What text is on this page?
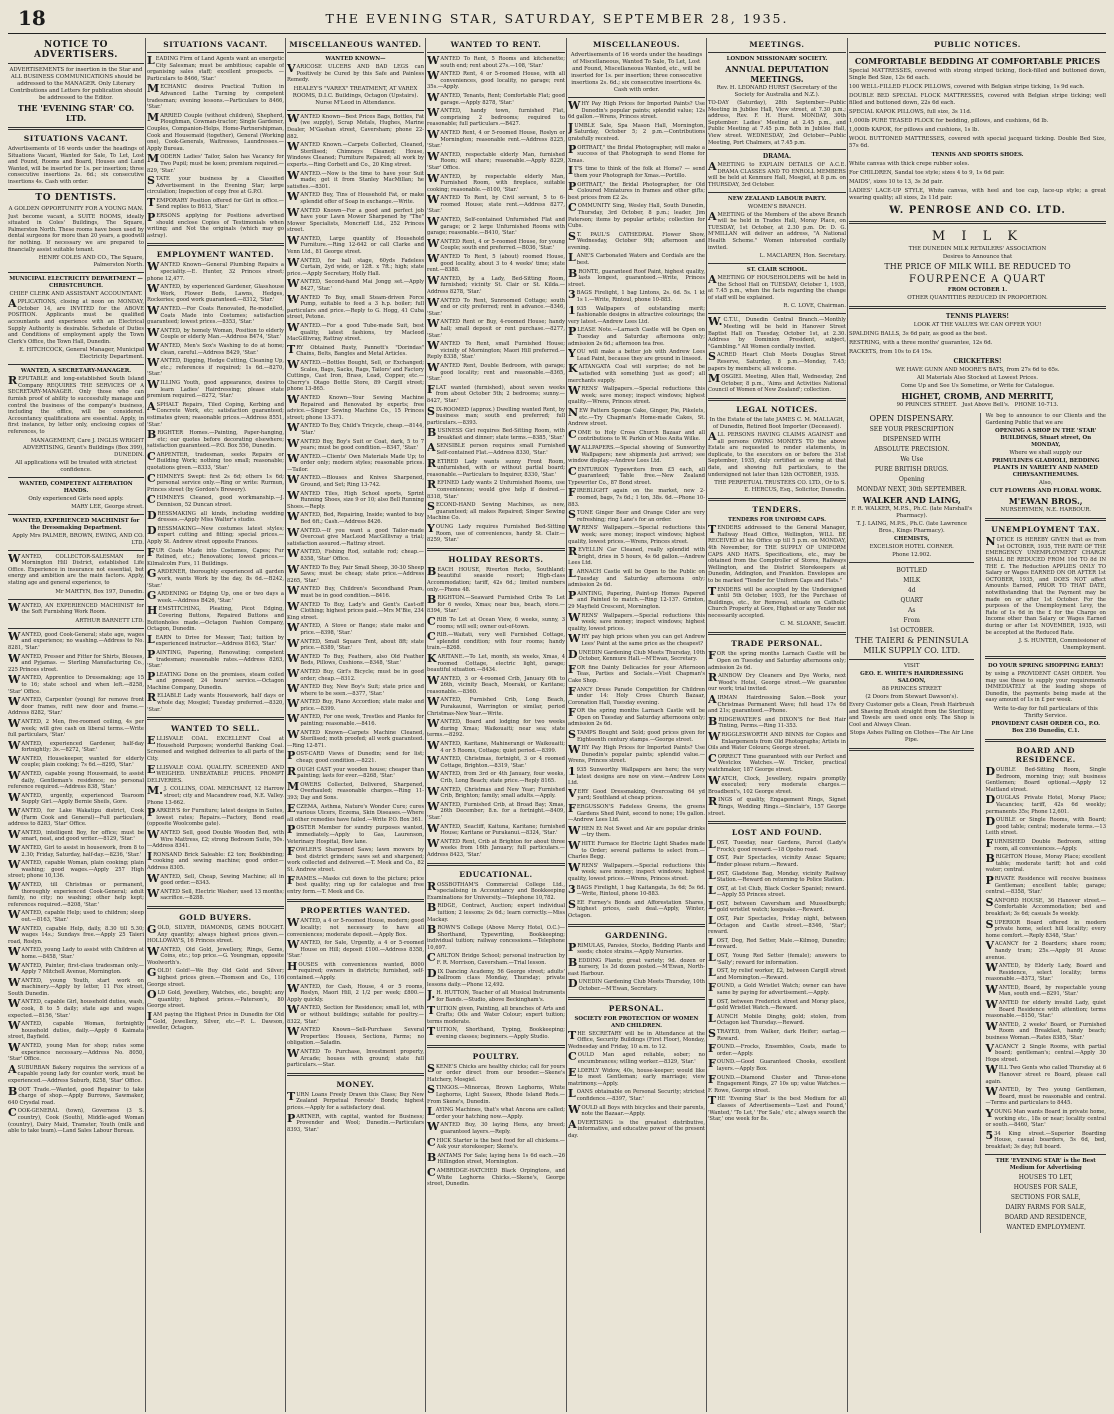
18	THE EVENING STAR, SATURDAY, SEPTEMBER 28, 1935.
NOTICE TO ADVERTISERS.
ADVERTISEMENTS for insertion in the Star and ALL BUSINESS COMMUNICATIONS should be addressed to the MANAGER. Only Literary Contributions and Letters for publication should be addressed to the Editor.
THE 'EVENING STAR' CO. LTD.
SITUATIONS VACANT.
Advertisements of 16 words under the headings of Situations Vacant, Wanted for Sale, To Let, Lost and Found, Rooms and Board, Houses and Land Wanted, will be inserted for 1s. per insertion; three consecutive insertions 2s. 6d.; six consecutive insertions 4s. Cash with order.
TO DENTISTS.
A GOLDEN OPPORTUNITY FOR A YOUNG MAN.
Just become vacant, a SUITE ROOMS, ideally situated in Coles' Buildings, The Square, Palmerston North. These rooms have been used by dental surgeons for more than 20 years, a goodwill for nothing. If necessary we are prepared to financially assist suitable tenant.
HENRY COLES AND CO., The Square, Palmerston North.
MUNICIPAL ELECTRICITY DEPARTMENT — CHRISTCHURCH.
CHIEF CLERK AND ASSISTANT ACCOUNTANT.
APPLICATIONS, closing at noon on MONDAY, October 14, are INVITED for the ABOVE POSITION. Applicants must be qualified accountants and experience with an Electrical Supply Authority is desirable. Schedule of Duties and Conditions of employment apply the Town Clerk's Office, the Town Hall, Dunedin.
E. HITCHCOCK, General Manager, Municipal Electricity Department.
WANTED, A SECRETARY-MANAGER.
REPUTABLE and long-established South Island Company REQUIRES THE SERVICES OF A SECRETARY-MANAGER. Only those who can furnish proof of ability to successfully manage and control the business of the company's business, including the office, will be considered. Accountancy qualifications are essential. Apply, in first instance, by letter only, enclosing copies of references, to
MANAGEMENT, Care J. INGLIS WRIGHT ADVERTISING, Grant's Buildings (Box 399), DUNEDIN.
All applications will be treated with strictest confidence.
WANTED, COMPETENT ALTERATION HANDS.
Only experienced Girls need apply.
MARY LEE, George street.
WANTED, EXPERIENCED MACHINIST for the Dressmaking Department.
Apply Mrs PALMER, BROWN, EWING, AND CO. LTD.
WANTED, COLLECTOR-SALESMAN for Mornington Hill District, established Life Office. Experience in insurance not essential, but energy and ambition are the main factors. Apply, stating age and general experience, to
Mr MARTYN, Box 197, Dunedin.
WANTED, AN EXPERIENCED MACHINIST for the Soft Furnishing Work Room.
ARTHUR BARNETT LTD.
WANTED, good Cook-General; state age, wages and experience; no washing.—Address to No. 8281, 'Star.'
WANTED, Presser and Fitter for Shirts, Blouses, and Pyjamas. — Sterling Manufacturing Co., 225 Princes street.
WANTED, Apprentice to Dressmaking; age 15 to 16; state school and when left.—8258, 'Star' Office.
WANTED, Carpenter (young) for remove front door frames, refit new door and frame.—Address 8282, 'Star.'
WANTED, 2 Men, five-roomed ceiling, 4s per week; will give cash on liberal terms.—Write full particulars, 'Star.'
WANTED, experienced Gardener, half-day fortnightly; 3s.—8272, 'Star.'
WANTED, Housekeeper, wanted for elderly couple; plain cooking; 7s 6d.—8295, 'Star.'
WANTED, capable young Housemaid, to assist daily, Gentleman's residence; no personal reference required.—Address 838, 'Star.'
WANTED, urgently, experienced Tearoom Supply Girl.—Apply Bernie Sheils, Gore.
WANTED, for Lake Wakatipu district, Cook (Farm Cook and General)—Full particulars, address to 8283, 'Star' Office.
WANTED, intelligent Boy, for office; must be smart, neat, and good writer.—8129, 'Star.'
WANTED, Girl to assist in housework, from 8 to 2.30; Friday, Saturday, half-day.—8236, 'Star.'
WANTED, capable Woman, plain cooking; plain washing; good wages.—Apply 257 High street; phone 10,136.
WANTED, till Christmas or permanent, thoroughly experienced Cook-General; adult family, no city; no washing; other help kept; references required.—8208, 'Star.'
WANTED, capable Help; used to children; sleep out.—8163, 'Star.'
WANTED, capable Help, daily, 8.30 till 5.30; wages 14s.; Sundays free.—Apply 25 Taieri road, Roslyn.
WANTED, young Lady to assist with Children at home.—8458, 'Star.'
WANTED, Painter, first-class tradesman only.—Apply 7 Mitchell Avenue, Mornington.
WANTED, young Youth, start work on machinery.—Apply by letter, 11 Fox street, South Dunedin.
WANTED, capable Girl, household duties, wash, cook, 8 to 5 daily; state age and wages expected.—8156, 'Star.'
WANTED, capable Woman, fortnightly household duties, daily.—Apply 6 Kaimata street, Bayfield.
WANTED, young Man for shop; rates some experience necessary.—Address No. 8050, 'Star' Office.
ASUBURBAN Bakery requires the services of a capable young lady for counter work, must be experienced.—Address Suburb, 8258, 'Star' Office.
BOOT Trade.—Wanted, good Repairer to take charge of shop.—Apply Burrows, Sawmaker, 640 Crysdal road.
COOK-GENERAL (town), Governess (3 S. country), Cook (South), Middle-aged Woman (country), Dairy Maid, Tramster, Youth (milk and able to take team).—Land Sales Labour Bureau.
SITUATIONS VACANT.
LEADING Firm of Land Agents want an energetic City Salesman; must be ambitious; capable of organising sales staff; excellent prospects. — Particulars to 8466, 'Star.'
MECHANIC desires Practical Tuition in Advanced Lathe Turning by competent tradesman; evening lessons.—Particulars to 8466, 'Star.'
MARRIED Couple (without children), Shepherd, Ploughman, Cowman-tractor; Single Gardener, Couples, Companion-Helps, Home-Partnershipman, Cook and Housemaid (together), General (Working one), Cook-Generals, Waitresses, Laundresses.—Apply Bureau.
MODERN Ladies' Tailor, Salon has Vacancy for Two Pupil; must be keen; premium required.—829, 'Star.'
STATE your business by a Classified Advertisement in the Evening Star; large circulation; Inspection of copy free at G.P.O.
TEMPORARY Position offered for Girl in office.—Send replies to B613, 'Star.'
PERSONS applying for Positions advertised should enclose Copies of Testimonials when writing; and Not the originals (which may go astray).
EMPLOYMENT WANTED.
WANTED Known—General Plumbing Repairs a speciality.—E. Hunter, 32 Princes street; phone 12,477.
WANTED, by experienced Gardener, Glasshouse Work, Flower Beds, Lawns, Hedges, Rockeries; good work guaranteed.—8312, 'Star.'
WANTED.—For Coats Renovated, Re-modelled, Coats Made into Costumes; satisfaction guaranteed; lowest prices.—8353, 'Star.'
WANTED, by homely Woman, Position to elderly Couple or elderly Man.—Address B474, 'Star.'
WANTED, Men's Sox's Washing to do at home; clean, careful.—Address B429, 'Star.'
WANTED, Digging, Hedge Cutting, Cleaning Up, etc.; references if required; 1s 6d.—8270, 'Star.'
WILLING Youth, good appearance, desires to learn Ladies' Hairdressing; please state premium required.—8272, 'Star.'
ASPHALT Repairs, Tiled Coping, Kerbing and Concrete Work, etc; satisfaction guaranteed; estimates given; reasonable prices.—Address 8551, 'Star.'
BRIGHTER Homes.—Painting, Paper-hanging, etc; our quotes before decorating elsewhere; satisfaction guaranteed.—P.O. Box 556, Dunedin.
CARPENTER, tradesman, seeks Repairs or Building Work; nothing too small; reasonable; quotations given.—8333, 'Star.'
CHIMNEYS Swept: first 2s 6d; others 1s 6d; personal service only.—Ring or write: Rurmun, Princes street (by Gordon's Brewery).
CHIMNEYS Cleaned, good workmanship.—J. Dennison, 52 Duncan street.
DRESSMAKING all kinds, including wedding dresses.—Apply Miss Walter's studio.
DRESSMAKING—New costumes latest styles; expert cutting and fitting; special prices.—Apply St. Andrew street opposite Frances.
FUR Coats Made into Costumes, Capes; Fur Relined, etc.; Renovations; lowest prices.—Kilmalcolm Furs, 11 Buildings.
GARDENER, thoroughly experienced all garden work, wants Work by the day, 8s 6d.—B242, 'Star.'
GARDENING or Edging Up, one or two days a week.—Address B426, 'Star.'
HEMSTITCHING, Pleating, Picot Edging, Covering Buttons, Repaired Buttons and Buttonholes made.—Octagon Fashion Company, Octagon, Dunedin.
LEARN to Drive for Messer, Taxi; tuition by experienced instructor.—Address 8163, 'Star.'
PAINTING, Papering, Renovating; competent tradesman; reasonable rates.—Address 8263, 'Star.'
PLEATING Done on the premises, steam coiled and pressed; 24 hours' service.—Octagon Machine Company, Dunedin.
RELIABLE Lady wants Housework, half days or whole day, Mosgiel; Tuesday preferred.—8320, 'Star.'
WANTED TO SELL.
ELLISVALE COAL. EXCELLENT Coal at Household Purposes; wonderful Banking Coal. Screened and weighed deliveries to all parts of the City.
ELLISVALE COAL QUALITY. SCREENED AND WEIGHED. UNBEATABLE PRICES. PROMPT DELIVERIES.
M.J. COLLINS, COAL MERCHANT, 12 Harrow street; city and Macandrew road, N.E. Valley. Phone 13-662.
PARKER'S for Furniture; latest designs in Suites, lowest rates; Repairs.—Factory, Bond road (opposite Woolcombe gate).
WANTED Sell, good Double Wooden Bed, with Wire Mattress, £2; strong Bedroom Suite, 50s.—Address 8341.
IRONSAND Brick Saleable: £2 ton; Bookbinding; cooking and sewing machine; good order.—Address 8305.
WANTED, Sell, Cheap, Sewing Machine; all in good order.—8343.
WANTED Sell, Electric Washer; used 13 months; sacrifice.—8288.
GOLD BUYERS.
GOLD, SILVER, DIAMONDS, GEMS BOUGHT. Any quantity; always highest prices given.—HOLLOWAY'S, 16 Princes street.
WANTED, Old Gold, Jewellery, Rings, Gems, Coins, etc.; top price.—G. Youngman, opposite Woolworth's.
GOLD! Gold!—We Buy Old Gold and Silver; highest prices given.—Thomson and Co., 116 George street.
OLD Gold, Jewellery, Watches, etc., bought; any quantity; highest prices.—Paterson's, 80 George street.
IAM paying the Highest Price in Dunedin for Old Gold, Jewellery, Silver, etc.—F. L. Dawson, jeweller, Octagon.
MISCELLANEOUS WANTED.
WANTED KNOWN—
VARICOSE ULCERS AND BAD LEGS can Positively be Cured by this Safe and Painless Remedy.
HEALEY'S "VAREX" TREATMENT, AT VAREX ROOMS, D.I.C. Buildings, Octagon (Upstairs). Nurse M'Leod in Attendance.
WANTED Known—Best Prices Bags, Bottles, Fat (we supply), Scrap Metals, Hughes, Marine Dealer, M'Gashan street, Caversham; phone 22-882.
WANTED Known.—Carpets Collected, Cleaned, Sterilised; Chimneys Cleaned; House, Windows Cleaned; Furniture Repaired; all work by experts.—Ring Corbett and Co., 20 King street.
WANTED.—Now is the time to have your Suit made; get it from Stanley MacMillan; he satisfies.—8301.
WANTED Buy, Tins of Household Fat, or make splendid offer of Soap in exchange.—Write.
WANTED Known—For a good and perfect job have your Lawn Mower Sharpened by "The" Mower Specialists, Moncrieff Ltd., 252 Princes street.
WANTED, Large quantity of Household Furniture.—Ring 12-642 or call Clarke and Venn Ltd., 81 George street.
WANTED, for hall stage, 60yds Fadeless Curtain, 2yd wide, or 12ft. x 7ft.; high; state price.—Apply Secretary, Holly Hall.
WANTED, Second-hand Mai Jongg set.—Apply 8427, 'Star.'
WANTED To Buy, small Steam-driven Force Pump, suitable to feed a 3 h.p. boiler; full particulars and price.—Reply to G. Hogg, 41 Cuba street, Petone.
WANTED.—For a good Tube-made Suit, best quality, latest fashions, try Macleod MacGillivray, Rattray street.
TRY Obtained Rusty, Pannett's "Dorindas" Chains, Belts, Bangles and Metal Articles.
WANTED.—Bottles Bought, Sell, or Exchanged; Scales, Bags, Sacks, Rags, Tailors' and Factory Cuttings, Cast Iron, Brass, Lead, Copper, etc.—Cherry's Otago Bottle Store, 89 Cargill street; phone 13-865.
WANTED Known—Your Sewing Machine Repaired and Renovated by experts; free advice.—Singer Sewing Machine Co., 15 Princes street; phone 13-371.
WANTED To Buy, Child's Tricycle, cheap.—8144, 'Star.'
WANTED Buy, Boy's Suit or Coat, dark, 5 to 7 years; must be good condition.—8347, 'Star.'
WANTED.—Clients' Own Materials Made Up; to order only; modern styles; reasonable prices.—Tailor.
WANTED.—Blouses and Knives Sharpened, Ground, and Set; Ring 13-742.
WANTED Tiles, High School sports, Sprint Running Shoes, size 9 or 10; also Bell Running Shoes.—Reply.
WANTED, Bed, Repairing, Inside; wanted to buy Bed 6ft.; Cash.—Address 8426.
WANTED.—If you want a good Tailor-made Overcoat give MacLeod MacGillivray a trial; satisfaction assured.—Rattray street.
WANTED, Fishing Rod, suitable rod; cheap.—8358, 'Star' Office.
WANTED To Buy, Pair Small Sheep, 30-30 Sheep Saws; must be cheap; state price.—Address 8265, 'Star.'
WANTED Buy, Children's Secondhand Pram, must be in good condition.—8416.
WANTED To Buy, Lady's and Gent's Cast-off Clothing; highest prices paid.—Mrs M'Bie, 234 King street.
WANTED, A Stove or Range; state make and price.—8398, 'Star.'
WANTED, Small Square Tent, about 8ft; state price.—8389, 'Star.'
WANTED To Buy, Feathers, also Old Feather Beds, Pillows, Cushions.—8348, 'Star.'
WANTED Buy, Girl's Bicycle; must be in good order; cheap.—8312.
WANTED Buy, New Boy's Suit; state price and where to be seen.—8377, 'Star.'
WANTED Buy, Piano Accordion; state make and price.—8399.
WANTED, For one week, Trestles and Planks for painting; reasonable.—8416.
WANTED Known—Carpets Machine Cleaned, Sterilised; moth proofed; all work guaranteed.—Ring 12-871.
POST-CARD Views of Dunedin; send for list; cheap; good condition.—8221.
ROUGH CAST your wooden house; cheaper than painting; lasts for ever.—8268, 'Star.'
MOWERS Collected, Delivered, Sharpened, Overhauled; reasonable charges.—Ring 11-393; Day and Sons.
ECZEMA, Asthma, Nature's Wonder Cure; cures various Ulcers, Eczema, Skin Diseases.—Where all other remedies have failed.—Write P.O. Box 361.
POSTER Member for sundry purposes wanted, immediately.—Apply to Gas, Laurenson, Veterinary Hospital, Bow lane.
FOWLER'S Sharpened Saws; lawn mowers by best district grinders; saws set and sharpened; work collected and delivered.—T. Meek and Co., 82 St. Andrew street.
FRAMES.—Masks cut down to the picture; price best quality; ring up for catalogue and free entry form.—T. Meek and Co.
PROPERTIES WANTED.
WANTED, a 4 or 5-roomed House, modern; good locality; not necessary to have all conveniences; moderate deposit.—Apply Box.
WANTED, for Sale, Urgently, a 4 or 5-roomed House on Hill; deposit £100.—Address 8358, 'Star.'
HOUSES with conveniences wanted, 8000 required; owners in districts; furnished, self-contained.—Apply.
WANTED, for Cash, House, 4 or 5 rooms, Roslyn, Maori Hill, 2 1/2 per week; £800.—Apply quickly.
WANTED, Section for Residence; small lot, with or without buildings; suitable for poultry.—8322, 'Star.'
WANTED Known—Sell-Purchase Several Properties: Houses, Sections, Farms; no obligation.—Saladin.
WANTED To Purchase, Investment property, Arcade; houses with ground; state full particulars.—Star.
MONEY.
TURN Loans Freely Drawn this Class; Buy New Zealand Perpetual Forests' Bonds; highest prices.—Apply for a satisfactory deal.
PARTNER, with capital, wanted for Business; Provender and Wool; Dunedin.—Particulars 8393, 'Star.'
WANTED TO RENT.
WANTED To Rent, 5 Rooms and kitchenette; south end; rent about 27s.—108, 'Star.'
WANTED Rent, 4 or 5-roomed House, with all conveniences, good locality, no garage; rent 35s.—Apply.
WANTED, Tenants, Rent; Comfortable Flat; good garage.—Apply 8278, 'Star.'
WANTED, handy town, furnished Flat, comprising 2 bedrooms; required to reasonable; full particulars.—B427.
WANTED Rent, 4 or 5-roomed House, Roslyn or Mornington; reasonable rent.—Address 8225, 'Star.'
WANTED, respectable elderly Man, furnished Room; will share; reasonable.—Apply 8229, 'Star' Office.
WANTED, by respectable elderly Man, Furnished Room, with fireplace, suitable cooking; reasonable.—8100, 'Star.'
WANTED To Rent, by Civil servant, 5 to 6-roomed House; state rent.—Address 8277, 'Star.'
WANTED, Self-contained Unfurnished Flat and garage; or 2 large Unfurnished Rooms with garage; reasonable.—B410, 'Star.'
WANTED Rent, 4 or 5-roomed House, for young Couple; south end preferred.—B036, 'Star.'
WANTED To Rent, 5 (about) roomed House, good locality, about 3 to 4 weeks' time; state rent.—8388.
WANTED, by a Lady, Bed-Sitting Room, furnished; vicinity St. Clair or St. Kilda.—Address 8278, 'Star.'
WANTED To Rent, Sunroomed Cottage; south end or city preferred; rent in advance.—8346, 'Star.'
WANTED Rent or Buy, 4-roomed House; handy hall; small deposit or rent purchase.—8277, 'Star.'
WANTED To Rent, small Furnished House; vicinity of Mornington; Maori Hill preferred.—Reply 8338, 'Star.'
WANTED Rent, Double Bedroom, with garage; good locality; rent and reasonable.—8365, 'Star.'
FLAT wanted (furnished), about seven weeks from about October 5th; 2 bedrooms; sunny.—8427, 'Star.'
SIX-ROOMED (approx.) Dwelling wanted Rent, by business man; south end preferred; full particulars.—8393.
BUSINESS Girl requires Bed-Sitting Room, with breakfast and dinner; state terms.—8385, 'Star.'
ASENSIBLE person requires small Furnished Self-contained Flat.—Address 8330, 'Star.'
RETIRED Lady wants sunny Front Room, unfurnished, with or without partial board; reasonable.—Particulars to Inquirer, 8330, 'Star.'
REFINED Lady wants 2 Unfurnished Rooms, use conveniences; would give help if desired.—8318, 'Star.'
SECOND-HAND Sewing Machines, as new, guaranteed; all makes Repaired; Singer Sewing Machine Co.
YOUNG Lady requires Furnished Bed-Sitting Room, use of conveniences, handy St. Clair.—8259, 'Star.'
HOLIDAY RESORTS.
BEACH HOUSE, Riverton Rocks, Southland; beautiful seaside resort; High-class Accommodation; tariff, 42s 6d.; limited numbers only.—Phone 48.
BRIGHTON.—Seaward Furnished Cribs To Let for 6 weeks, Xmas; near bus, beach, store.—8394, 'Star.'
CRIB To Let at Ocean View, 6 weeks, sunny, 3 rooms; will sell; owner out-of-town.
CRIB.—Waitati, very well Furnished Cottage, splendid condition; with four rooms; handy train.—8268.
KARITANE.—To Let, month, six weeks, Xmas, 4 roomed Cottage, electric light, garage; beautiful situation.—8434.
WANTED, 3 or 4-roomed Crib, January 6th to 26th, vicinity Beach, Moeraki, or Karitane; reasonable.—8360.
WANTED, Furnished Crib, Long Beach, Purakaunui, Warrington or similar, period Christmas-New Year.—Write.
WANTED, Board and lodging for two weeks during Xmas; Waikouaiti; near sea; state terms.—8292.
WANTED, Karitane, Mahinerangi or Waikouaiti; 4 or 5 Rooms, Cottage; quiet period.—8399.
WANTED, Christmas, fortnight, 3 or 4 roomed Cottage, Brighton.—8319, 'Star.'
WANTED, from 3rd or 4th January, four weeks, Crib, Long Beach; state price.—Reply 8165.
WANTED, Christmas and New Year; Furnished Crib, Brighton; family; small adults.—Apply.
WANTED, Furnished Crib, at Broad Bay; Xmas, 26th December; 8.n. for a fortnight.—8409, 'Star.'
WANTED, Seacliff, Kaituna, Karitane; furnished House; Karitane or Purakanui.—8324, 'Star.'
WANTED Rent, Crib at Brighton for about three weeks from 16th January; full particulars.—Address 8423, 'Star.'
EDUCATIONAL.
ROSSBOTHAM'S Commercial College Ltd., specialising in Accountancy and Bookkeeping Examinations for University.—Telephone 10,782.
BRIDGE, Contract, Auction; expert individual tuition; 2 lessons; 2s 6d.; learn correctly.—Miss Mackay.
BROWN'S College (Above Mercy Hotel, O.C.)—Shorthand, Typewriting, Bookkeeping; individual tuition; railway concessions.—Telephone 10,697.
CARLTON Bridge School; personal instruction by F. R. Morrison, Caversham.—Trial lesson.
DIX Dancing Academy, 56 George street; adults' ballroom class Monday, Thursday; private lessons daily.—Phone 12,492.
J.H. HUTTON, Teacher of all Musical Instruments for Bands.—Studio, above Beckingham's.
TUITION given, Painting, all branches of Arts and Crafts; Oils and Water Colour; expert tuition; terms moderate.
TUITION, Shorthand, Typing, Bookkeeping; evening classes; beginners.—Apply Studio.
POULTRY.
SKENE'S Chicks are healthy chicks; call for yours or order direct from our brooder.—Skene's Hatchery, Mosgiel.
STINGOS.—Minorcas, Brown Leghorns, White Leghorns, Light Sussex, Rhode Island Reds.—From Skene's, Dunedin.
LAYING Machines, that's what Ancona are called; order your hatching now.—Apply.
WANTED Buy, 30 laying Hens, any breed; guaranteed layers.—Reply.
CHICK Starter is the best food for all chickens.—Ask your storekeeper; Skene's.
BANTAMS For Sale; laying hens 1s 6d each.—26 Hillingdon street, Mornington.
CAMBRIDGE-HATCHED Black Orpingtons, and White Leghorns Chicks.—Skene's, George street, Dunedin.
MISCELLANEOUS.
Advertisements of 16 words under the headings of Miscellaneous, Wanted To Sale, To Let, Lost and Found, Miscellaneous Wanted, etc., will be inserted for 1s. per insertion; three consecutive insertions 2s. 6d.; six consecutive insertions 4s. Cash with order.
WHY Pay High Prices for Imported Paints? Use Dunedin's popular paints; splendid value; 12s 6d gallon.—Wrens, Princes street.
JUMBLE Sale, Spa Mason Hall, Mornington, Saturday, October 5; 2 p.m.—Contributions gratefully received.
PORTRAIT," the Bridal Photographer, will make a success of that Photograph to send Home for Xmas.
IT'S time to think of the folk at Home? — send them your Photograph for Xmas.—Portillo.
PORTRAIT," the Bridal Photographer, for Old Coloured Miniatures in frames and other gifts; best prices from £2 2s.
COMMUNITY Sing, Wesley Hall, South Dunedin, Thursday, 3rd October, 8 p.m.; leader, Jim Paterson; items by popular artists; collection for Cubs.
ST. PAUL'S CATHEDRAL Flower Show, Wednesday, October 9th; afternoon and evening.
LANE'S Carbonated Waters and Cordials are the best.
BRONTE, guaranteed Roof Paint, highest quality, lasts longest, guaranteed.—Write, Princes street.
3BAGS Firelight, 1 bag Lintons, 2s. 6d. 5s. 1 kt 1s 1.—Write, Rintoul, phone 10-883.
1935 Wallpapers of outstanding merit; fashionable designs in attractive colourings; the very latest.—Andrew Lees Ltd.
PLEASE Note.—Larnach Castle will be Open on Tuesday and Saturday afternoons only; admission 2s 6d.; afternoon tea free.
YOU will make a better job with Andrew Lees Lead Paint, because they are ground in linseed.
KAITANGATA Coal will surprise; do not be satisfied with something 'just as good'; all merchants supply.
WRENS' Wallpapers.—Special reductions this week; save money; inspect windows; highest quality.—Wrens, Princes street.
NEW Pattern Sponge Cake, Ginger, Pie, Pikelets, etc.—Try Chapman's Home-made Cakes, St. Andrew street.
COME to Holy Cross Church Bazaar and all contributions to W. Parkin of Miss Anita Wilke.
WALLPAPERS.—Special showing of Sunworthy Wallpapers; new shipments just arrived; see window display.—Andrew Lees Ltd.
CENTURION Typewriters from £5 each, all guaranteed; Table free.—New Zealand Typewriter Co., 87 Bond street.
FIREBLIGHT again on the market, new 2-roomed, bags, 7s 6d.; 1 ton, 38s. 6d.—Phone 10-883.
STONE Ginger Beer and Orange Cider are very refreshing; ring Lane's for an order.
WRENS' Wallpapers.—Special reductions this week; save money; inspect windows; highest quality, lowest prices.—Wrens, Princes street.
REVELLIN Car Cleaned, really splendid with bright, dries in 5 hours, 4s 6d gallon.—Andrew Lees Ltd.
LARNACH Castle will be Open to the Public on Tuesday and Saturday afternoons only; admission 2s 6d.
PAINTING, Papering, Paint-up Homes Papered and Painted to match.—Ring 12-137. Grinton, 29 Mayfield Crescent, Mornington.
WRENS' Wallpapers.—Special reductions this week; save money; inspect windows; highest quality, lowest prices.
WHY pay high prices when you can get Andrew Lees' Paint at the same price as the cheapest?
DUNEDIN Gardening Club Meets Thursday, 10th October, Kenmure Hall.—M'Ewan, Secretary.
FOR fine Dainty Delicacies for your Afternoon Teas, Parties and Socials.—Visit Chapman's Cake Shop.
FANCY Dress Parade Competition for Children under 14: Holy Cross Church Bazaar, Coronation Hall, Tuesday evening.
FOR the spring months Larnach Castle will be Open on Tuesday and Saturday afternoons only; admission 2s 6d.
STAMPS Bought and Sold; good prices given for Eighteenth century stamps.—George street.
WHY Pay High Prices for Imported Paints? Use Dunedin's popular paints; splendid value.—Wrens, Princes street.
1935 Sunworthy Wallpapers are here; the very latest designs are now on view.—Andrew Lees Ltd.
VERY Good Dressmaking, Overcoating 64 yd yard; Southland at cheap prices.
FERGUSSON'S Fadeless Greens, the greens Gardens Shed Paint, second to none; 19s gallon.—Andrew Lees Ltd.
WHEN Et Not Sweet and Air are popular drinks—try them.
WHITE Furnace for Electric Light Shades made to Order; several patterns to select from.—Charles Begg.
WRENS' Wallpapers.—Special reductions this week; save money; inspect windows; highest quality, lowest prices.—Wrens, Princes street.
3BAGS Firelight, 1 bag Kaitangata, 3s 6d; 5s 6d.—Write, Rintoul, phone 10-883.
SEE Furney's Bonds and Afforestation Shares, highest prices, cash deal.—Apply, Winter, Octagon.
GARDENING.
PRIMULAS, Pansies, Stocks, Bedding Plants and seeds; choice strains.—Apply Nurseries.
BEDDING Plants; great variety; 9d. dozen or nursery, 1s 3d dozen posted.—M'Ewan, North-east Harbour.
DUNEDIN Gardening Club Meets Thursday, 10th October.—M'Ewan, Secretary.
PERSONAL.
SOCIETY FOR PROTECTION OF WOMEN AND CHILDREN.
THE SECRETARY will be in Attendance at the Office, Security Buildings (First Floor), Monday, Wednesday and Friday, 10 a.m. to 12.
COULD Man aged reliable, sober; no encumbrances; willing worker.—8329, 'Star.'
ELDERLY Widow, 40s, house-keeper; would like to meet Gentleman; early marriage; view matrimony.—Apply.
LOANS obtainable on Personal Security; strictest confidence.—8397, 'Star.'
WOULD all Boys with bicycles and their parents, note the Bazaar.—Apply.
ADVERTISING is the greatest distributive, informative, and educative power of the present day.
MEETINGS.
LONDON MISSIONARY SOCIETY.
ANNUAL DEPUTATION MEETINGS.
Rev. H. LEONARD HURST (Secretary of the Society for Australia and N.Z.).
TO-DAY (Saturday), 28th September—Public Meeting in Jubilee Hall, View street, at 7.30 p.m.; address, Rev. F. H. Hurst. MONDAY, 30th September: Ladies' Meeting at 2.45 p.m., and Public Meeting at 7.45 p.m. Both in Jubilee Hall, View street. WEDNESDAY, 2nd October—Public Meeting, Port Chalmers, at 7.45 p.m.
DRAMA.
AMEETING to EXPLAIN DETAILS OF A.C.E. DRAMA CLASSES AND TO ENROLL MEMBERS will be held at Kenmure Hall, Mosgiel, at 8 p.m. on THURSDAY, 3rd October.
NEW ZEALAND LABOUR PARTY.
WOMEN'S BRANCH.
AMEETING of the Members of the above Branch will be held in Trades Hall, Moray Place, on TUESDAY, 1st October, at 2.30 p.m. Dr. D. G. M'MILLAN will deliver an address, "A National Health Scheme." Women interested cordially invited.
L. MACLAREN, Hon. Secretary.
ST. CLAIR SCHOOL.
AMEETING OF HOUSEHOLDERS will be held in the School Hall on TUESDAY, October 1, 1935, at 7.45 p.m., when the facts regarding the change of staff will be explained.
R. C. LOVE, Chairman.
W.C.T.U., Dunedin Central Branch.—Monthly Meeting will be held in Hanover Street Baptist Hall on Tuesday, October 1st, at 2.30. Address by Dominion President, subject, "Gambling." All Women cordially invited.
SACRED Heart Club Meets Douglas Street Reserve, Saturday, 8 p.m.—Monday, 7.45; papers by members; all welcome.
MOSGIEL Meeting, Allen Hall, Wednesday, 2nd October, 8 p.m., 'Aims and Activities National Council of Women of New Zealand'; collection.
LEGAL NOTICES.
In the Estate of the late JAMES C. M. MALLAGH, of Dunedin, Retired Boot Importer (Deceased).
ALL PERSONS HAVING CLAIMS AGAINST and all persons OWING MONEYS TO the above Estate are requested to render statements, in duplicate, to the executors on or before the 31st September, 1935, duly certified as owing at that date, and showing full particulars, to the undersigned not later than 12th OCTOBER, 1935.
THE PERPETUAL TRUSTEES CO. LTD., Or to S. E. HERCUS, Esq., Solicitor, Dunedin.
TENDERS.
TENDERS FOR UNIFORM CAPS.
TENDERS addressed to the General Manager, Railway Head Office, Wellington, WILL BE RECEIVED at his Office up till 5 p.m. on MONDAY, 4th November, for THE SUPPLY OF UNIFORM CAPS AND HATS. Specifications, etc., may be obtained from the Comptroller of Stores, Railways Wellington, and the District Storekeepers at Dunedin, Addington, and Frankton. Envelopes are to be marked "Tender for Uniform Caps and Hats."
TENDERS will be accepted by the Undersigned until 5th October, 1935, for the Purchase of Buildings, etc., for Removal, situate on Catholic Church Property at Gore, Highest or any Tender not necessarily accepted.
C. M. SLOANE, Seacliff.
TRADE PERSONAL.
FOR the spring months Larnach Castle will be Open on Tuesday and Saturday afternoons only; admission 2s 6d.
RAINBOW Dry Cleaners and Dye Works, next Wood's Hotel, George street.—We guarantee our work; trial invited.
AIRMAN Hairdressing Salon.—Book your Christmas Permanent Wave; full head 17s 6d and 21s; guaranteed.—Phone.
BRIDGEWATER'S and DIXON'S for Best Hair Tinting, Perms.—Ring 11-353.
WRIGGLESWORTH AND BINNS for Copies and Enlargements from Old Photographs; Artists in Oils and Water Colours; George street.
CORRECT Time guaranteed with our Perfect and Westclox Watches.—W. Tricker, practical watchmaker, 187 George street.
WATCH, Clock, Jewellery, repairs promptly executed; very moderate charges.—Broadbent's, 102 George street.
RINGS of quality, Engagement Rings, Signet Rings, Wedding Rings.—Sinclair's, 157 George street.
LOST AND FOUND.
LOST, Tuesday, near Gardens, Parcel (Lady's Frock); good reward.—18 Opoho road.
LOST, Pair Spectacles, vicinity Anzac Square; finder please return.—Reward.
LOST, Gladstone Bag, Monday, vicinity Railway Station.—Reward on returning to Police Station.
LOST, at 1st Club, Black Cocker Spaniel; reward.—Apply 55 Princes street.
LOST, between Caversham and Musselburgh; gold wristlet watch; keepsake.—Reward.
LOST, Pair Spectacles, Friday night, between Octagon and Castle street.—8346, 'Star'; reward.
LOST, Dog, Red Setter, Male.—Kilmog, Dunedin; reward.
LOST, Young Red Setter (female); answers to 'Sally'; reward for information.
LOST, by relief worker, £2, between Cargill street and Mornington.—Reward.
FOUND, a Gold Wristlet Watch; owner can have same by paying for advertisement.—Apply.
LOST, between Frederick street and Moray place, gold Wristlet Watch.—Reward.
LAUNCH Mobile Dinghy, gold; stolen, from Octagon last Thursday.—Reward.
STRAYED, from Walker, dark Heifer; eartag.—Reward.
FOUND.—Frocks, Ensembles, Coats, made to order.—Apply.
FOUND.—Good Guaranteed Chooks, excellent layers.—Apply Box.
FOUND.—Diamond Cluster and Three-stone Engagement Rings, 27 10s up; value Watches.—F. Rowe, George street.
THE 'Evening Star' is the best Medium for all classes of Advertisements—'Lost and Found,' 'Wanted,' 'To Let,' 'For Sale,' etc.; always search the 'Star,' one week for 8s.
PUBLIC NOTICES.
COMFORTABLE BEDDING AT COMFORTABLE PRICES
Special MATTRESSES, covered with strong striped ticking, flock-filled and buttoned down, Single Bed Size, 12s 6d each.
100 WELL-FILLED FLOCK PILLOWS, covered with Belgian stripe ticking, 1s 9d each.
DOUBLE BED SPECIAL FLOCK MATTRESSES, covered with Belgian stripe ticking; well filled and buttoned down, 22s 6d each.
SPECIAL KAPOK PILLOWS, full size, 3s 11d.
1,000lb PURE TEASED FLOCK for bedding, pillows, and cushions, 6d lb.
1,000lb KAPOK, for pillows and cushions, 1s lb.
WOOL BUTTONED MATTRESSES, covered with special jacquard ticking. Double Bed Size, 57s 6d.
TENNIS AND SPORTS SHOES.
White canvas with thick crepe rubber soles.
For CHILDREN, Sandal toe style; sizes 4 to 9, 1s 6d pair.
MAIDS', sizes 10 to 13, 3s 3d pair.
LADIES' LACE-UP STYLE, White canvas, with heel and toe cap, lace-up style; a great wearing quality; all sizes, 2s 11d pair.
W. PENROSE AND CO. LTD.
M I L K
THE DUNEDIN MILK RETAILERS' ASSOCIATION
Desires to Announce that
THE PRICE OF MILK WILL BE REDUCED TO
FOURPENCE A QUART
FROM OCTOBER 1.
OTHER QUANTITIES REDUCED IN PROPORTION.
TENNIS PLAYERS!
LOOK AT THE VALUES WE CAN OFFER YOU!
SPALDING BALLS, 3s 6d pair, as good as the best.
RESTRING, with a three months' guarantee, 12s 6d.
RACKETS, from 10s to £4 15s.
CRICKETERS!
WE HAVE GUNN AND MOORE'S BATS, from 27s 6d to 65s.
All Materials Also Stocked at Lowest Prices.
Come Up and See Us Sometime, or Write for Catalogue.
HIGHET, CROMB, AND MERRITT,
90 PRINCES STREET. Just Above Bell's. PHONE 10-713.
OPEN DISPENSARY.
SEE YOUR PRESCRIPTION
DISPENSED WITH
ABSOLUTE PRECISION.
We Use
PURE BRITISH DRUGS.
Opening
MONDAY NEXT, 30th SEPTEMBER.
WALKER AND LAING,
F. R. WALKER, M.P.S., Ph.C. (late Marshall's Pharmacy).
T. J. LAING, M.P.S., Ph.C. (late Lawrence Bros., Kings Pharmacy).
CHEMISTS,
EXCELSIOR HOTEL CORNER.
Phone 12.902.
BOTTLED
MILK
4d
QUART
As
From
1st OCTOBER.
THE TAIERI & PENINSULA MILK SUPPLY CO. LTD.
VISIT
GEO. E. WHITE'S HAIRDRESSING SALOON,
88 PRINCES STREET
(2 Doors from Stewart Dawson's).
Every Customer gets a Clean, Fresh Hairbrush and Shaving Brush straight from the Sterilizer, and Towels are used once only. The Shop is Cool and Always Clean.
Stops Ashes Falling on Clothes—The Air Line Pipe.
We beg to announce to our Clients and the Gardening Public that we are
OPENING A SHOP IN THE 'STAR' BUILDINGS, Stuart street, On MONDAY,
Where we shall supply our
PRIMULINES GLADIOLI, BEDDING PLANTS IN VARIETY AND NAMED CHRYSANTHEMUMS.
Also,
CUT FLOWERS AND FLORAL WORK.
M'EWAN BROS.,
NURSERYMEN, N.E. HARBOUR.
UNEMPLOYMENT TAX.
NOTICE IS HEREBY GIVEN that as from 1st OCTOBER, 1935, THE RATE OF THE EMERGENCY UNEMPLOYMENT CHARGE SHALL BE REDUCED FROM 10d TO 8d IN THE £. The Reduction APPLIES ONLY TO Salary or Wages EARNED ON OR AFTER 1st OCTOBER, 1935, and DOES NOT affect Amounts Earned, PRIOR TO THAT DATE, notwithstanding that the Payment may be made on or after 1st October. For the purposes of the Unemployment Levy, the Rate of 1s 6d in the £ for the Charge on Income other than Salary or Wages Earned during or after 1st NOVEMBER, 1935, will be accepted at the Reduced Rate.
J. S. HUNTER, Commissioner of Unemployment.
DO YOUR SPRING SHOPPING EARLY!
by using a PROVIDENT CASH ORDER. You may use these to supply your requirements IMMEDIATELY at the leading shops of Dunedin, the payments being made at the easy amount of 1s in £ per week.
Write to-day for full particulars of this Thrifty Service.
PROVIDENT CASH ORDER CO., P.O. Box 236 Dunedin, C.1.
BOARD AND RESIDENCE.
DOUBLE Bed-Sitting Room, Single Bedroom, morning tray; suit business Gentlemen; Board optional.—Apply 12 Maitland street.
DOUGLAS Private Hotel, Moray Place; Vacancies; tariff, 42s 6d weekly; permanents 35s; Phone 12,601.
DOUBLE or Single Rooms, with Board; good table; central; moderate terms.—13 Leith street.
FURNISHED Double Bedroom, sitting room, all conveniences.—Apply.
BRIGHTON House, Moray Place; excellent table; moderate tariff; hot and cold water; central.
PRIVATE Residence will receive business Gentleman; excellent table; garage; central.—8358, 'Star.'
SANFORD HOUSE, 36 Hanover street.—Comfortable Accommodation; bed and breakfast; 3s 6d; casuals 5s weekly.
SUPERIOR Board offered in modern private home, select hill locality; every home comfort.—Reply 8348, 'Star.'
VACANCY for 2 Boarders; share room; handy tram; 25s.—Apply 91 Anzac avenue.
WANTED, by Elderly Lady, Board and Residence, select locality; terms reasonable.—8373, 'Star.'
WANTED, Board, by respectable young Man, south end.—8291, 'Star.'
WANTED for elderly invalid Lady, quiet Board Residence with attention; terms reasonable.—8150, 'Star.'
WANTED, 2 weeks' Board, or Furnished Room and Breakfast, handy beach; business Woman.—Rates 8385, 'Star.'
VACANCY 2 Single Rooms, with partial board; gentleman's; central.—Apply 30 Hope street.
WILL Two Gents who called Thursday at 6 Hanover street re Board, please call again.
WANTED, by Two young Gentlemen, Board, must be reasonable and central.—Terms and particulars to 8445.
YOUNG Man wants Board in private home, working etc., 18s or near; locality central or south.—8460, 'Star.'
534 King street.—Superior Boarding House, casual boarders, 5s 6d, bed, breakfast; 3s day; full board.
THE 'EVENING STAR' is the Best Medium for Advertising
HOUSES TO LET,
HOUSES FOR SALE,
SECTIONS FOR SALE,
DAIRY FARMS FOR SALE,
BOARD AND RESIDENCE,
WANTED EMPLOYMENT.
